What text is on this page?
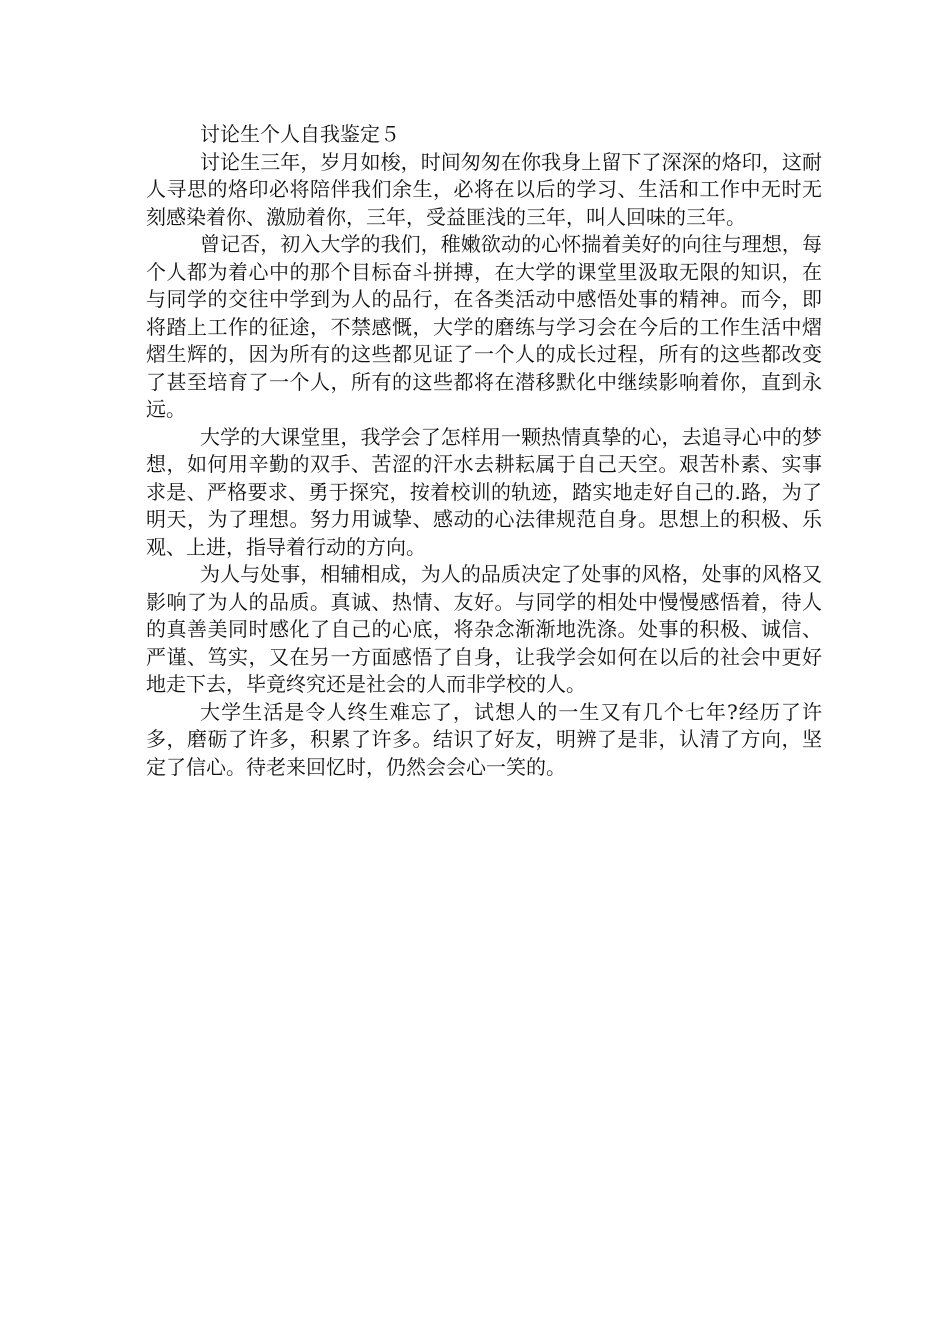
讨论生个人自我鉴定５

讨论生三年，岁月如梭，时间匆匆在你我身上留下了深深的烙印，这耐人寻思的烙印必将陪伴我们余生，必将在以后的学习、生活和工作中无时无刻感染着你、激励着你，三年，受益匪浅的三年，叫人回味的三年。

曾记否，初入大学的我们，稚嫩欲动的心怀揣着美好的向往与理想，每个人都为着心中的那个目标奋斗拼搏，在大学的课堂里汲取无限的知识，在与同学的交往中学到为人的品行，在各类活动中感悟处事的精神。而今，即将踏上工作的征途，不禁感慨，大学的磨练与学习会在今后的工作生活中熠熠生辉的，因为所有的这些都见证了一个人的成长过程，所有的这些都改变了甚至培育了一个人，所有的这些都将在潜移默化中继续影响着你，直到永远。

大学的大课堂里，我学会了怎样用一颗热情真挚的心，去追寻心中的梦想，如何用辛勤的双手、苦涩的汗水去耕耘属于自己天空。艰苦朴素、实事求是、严格要求、勇于探究，按着校训的轨迹，踏实地走好自己的.路，为了明天，为了理想。努力用诚挚、感动的心法律规范自身。思想上的积极、乐观、上进，指导着行动的方向。

为人与处事，相辅相成，为人的品质决定了处事的风格，处事的风格又影响了为人的品质。真诚、热情、友好。与同学的相处中慢慢感悟着，待人的真善美同时感化了自己的心底，将杂念渐渐地洗涤。处事的积极、诚信、严谨、笃实，又在另一方面感悟了自身，让我学会如何在以后的社会中更好地走下去，毕竟终究还是社会的人而非学校的人。

大学生活是令人终生难忘了，试想人的一生又有几个七年?经历了许多，磨砺了许多，积累了许多。结识了好友，明辨了是非，认清了方向，坚定了信心。待老来回忆时，仍然会会心一笑的。
